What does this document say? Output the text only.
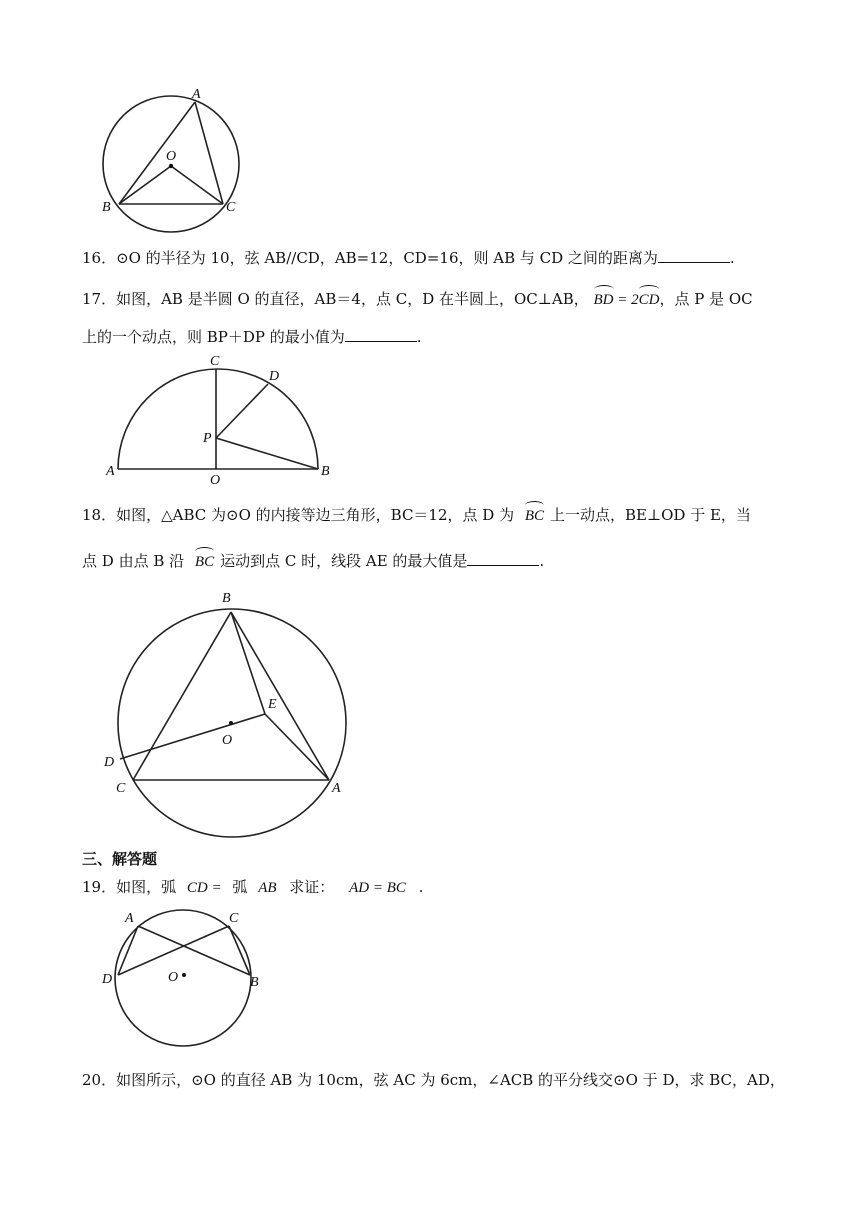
A
O
B	C
16．⊙O 的半径为 10，弦 AB//CD，AB=12，CD=16，则 AB 与 CD 之间的距离为	.
17．如图，AB 是半圆 O 的直径，AB＝4，点 C，D 在半圆上，OC⊥AB， BD = 2CD，点 P 是 OC
上的一个动点，则 BP＋DP 的最小值为	.
C
D
P
A
O
B
18．如图，△ABC 为⊙O 的内接等边三角形，BC＝12，点 D 为 BC 上一动点，BE⊥OD 于 E，当
点 D 由点 B 沿 BC 运动到点 C 时，线段 AE 的最大值是	.
B
E
O
D
C	A
三、解答题
19．如图，弧 CD = 弧 AB 求证： AD = BC .
A	C
D	O	B
20．如图所示，⊙O 的直径 AB 为 10cm，弦 AC 为 6cm，∠ACB 的平分线交⊙O 于 D，求 BC，AD，
